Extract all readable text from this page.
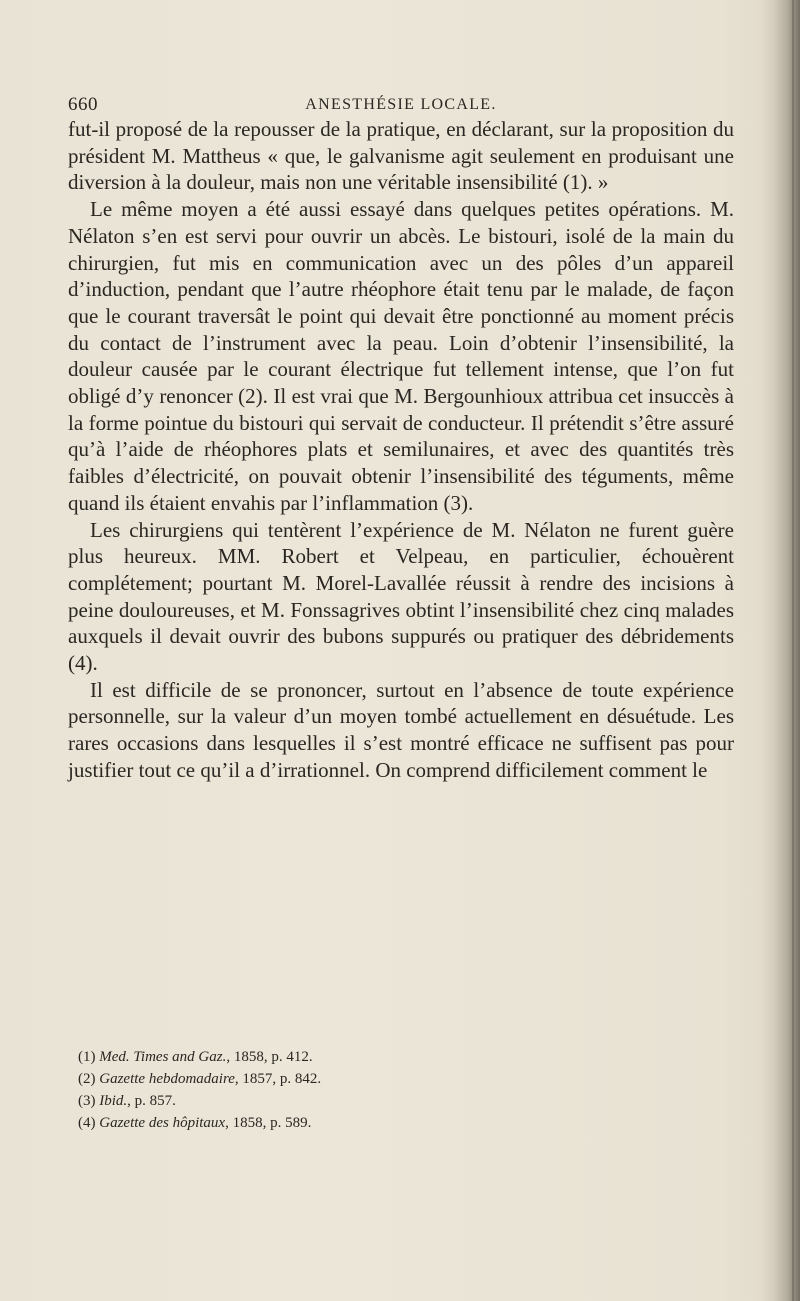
660	ANESTHÉSIE LOCALE.

fut-il proposé de la repousser de la pratique, en déclarant, sur la proposition du président M. Mattheus « que, le galvanisme agit seulement en produisant une diversion à la douleur, mais non une véritable insensibilité (1). »

Le même moyen a été aussi essayé dans quelques petites opérations. M. Nélaton s’en est servi pour ouvrir un abcès. Le bistouri, isolé de la main du chirurgien, fut mis en communication avec un des pôles d’un appareil d’induction, pendant que l’autre rhéophore était tenu par le malade, de façon que le courant traversât le point qui devait être ponctionné au moment précis du contact de l’instrument avec la peau. Loin d’obtenir l’insensibilité, la douleur causée par le courant électrique fut tellement intense, que l’on fut obligé d’y renoncer (2). Il est vrai que M. Bergounhioux attribua cet insuccès à la forme pointue du bistouri qui servait de conducteur. Il prétendit s’être assuré qu’à l’aide de rhéophores plats et semilunaires, et avec des quantités très faibles d’électricité, on pouvait obtenir l’insensibilité des téguments, même quand ils étaient envahis par l’inflammation (3).

Les chirurgiens qui tentèrent l’expérience de M. Nélaton ne furent guère plus heureux. MM. Robert et Velpeau, en particulier, échouèrent complétement; pourtant M. Morel-Lavallée réussit à rendre des incisions à peine douloureuses, et M. Fonssagrives obtint l’insensibilité chez cinq malades auxquels il devait ouvrir des bubons suppurés ou pratiquer des débridements (4).

Il est difficile de se prononcer, surtout en l’absence de toute expérience personnelle, sur la valeur d’un moyen tombé actuellement en désuétude. Les rares occasions dans lesquelles il s’est montré efficace ne suffisent pas pour justifier tout ce qu’il a d’irrationnel. On comprend difficilement comment le

(1) Med. Times and Gaz., 1858, p. 412.

(2) Gazette hebdomadaire, 1857, p. 842.

(3) Ibid., p. 857.

(4) Gazette des hôpitaux, 1858, p. 589.
